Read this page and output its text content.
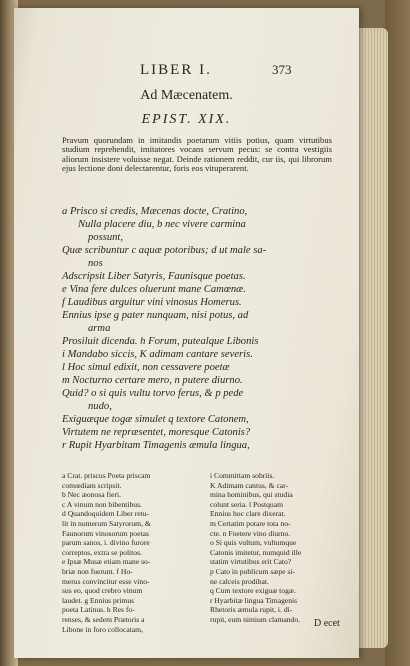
LIBER I.	373
Ad Mæcenatem.
EPIST. XIX.
Pravum quorundam in imitandis poetarum vitiis potius, quam virtutibus studium reprehendit, imitatores vocans servum pecus: se contra vestigiis aliorum insistere voluisse negat. Deinde rationem reddit, cur iis, qui librorum ejus lectione doni delectarentur, foris eos vituperarent.
a Prisco si credis, Mæcenas docte, Cratino,
Nulla placere diu, b nec vivere carmina
possunt,
Quæ scribuntur c aquæ potoribus; d ut male sa-
nos
Adscripsit Liber Satyris, Faunisque poetas.
e Vina fere dulces oluerunt mane Camœnæ.
f Laudibus arguitur vini vinosus Homerus.
Ennius ipse g pater nunquam, nisi potus, ad
arma
Prosiluit dicenda. h Forum, putealque Libonis
i Mandabo siccis, K adimam cantare severis.
l Hoc simul edixit, non cessavere poetæ
m Nocturno certare mero, n putere diurno.
Quid? o si quis vultu torvo ferus, & p pede
nudo,
Exiguæque togæ simulet q textore Catonem,
Virtutem ne repræsentet, moresque Catonis?
r Rupit Hyarbitam Timagenis æmula lingua,
a Crat. priscus Poeta priscam
comœdiam scripsit.
b Nec æonosa fieri.
c A vinum non bibentibus.
d Quandoquidem Liber retu-
lit in numerum Satyrorum, &
Faunorum vinosorum poetas
parum sanos, i. divino furore
correptos, extra se politos.
e Ipsæ Musæ etiam mane so-
briæ non fuerunt. f Ho-
merus convincitur esse vino-
sus eo, quod crebro vinum
laudet. g Ennius primus
poeta Latinus. h Res fo-
renses, & sedem Prætoris a
Libone in foro collocatam,
i Committam sobriis.
K Adimam cantus, & car-
mina hominibus, qui studia
colunt seria. l Postquam
Ennius hoc clare dixerat.
m Certatim potare tota no-
cte. n Foetere vino diurno.
o Si quis vultum, vultumque
Catonis imitetur, numquid ille
statim virtutibus erit Cato?
p Cato in publicum sæpe si-
ne calceis prodibat.
q Cum textore exiguæ togæ.
r Hyarbitæ lingua Timagenis
Rhetoris æmula rupit, i. di-
rupit, eum nimium clamando.	D ecet
